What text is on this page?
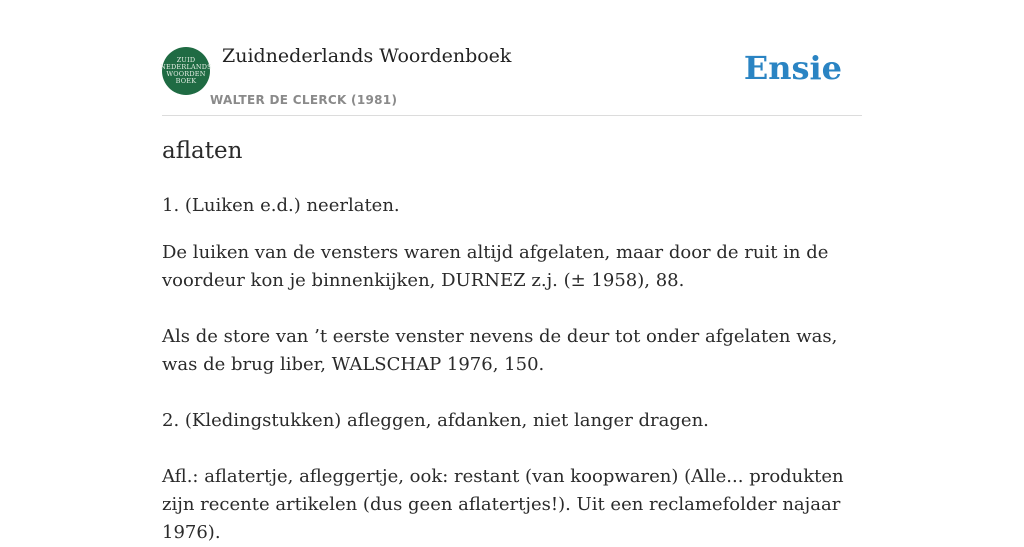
ZUID
NEDERLANDS
WOORDEN
BOEK
Zuidnederlands Woordenboek
WALTER DE CLERCK (1981)
Ensie
aflaten

1. (Luiken e.d.) neerlaten.

De luiken van de vensters waren altijd afgelaten, maar door de ruit in de voordeur kon je binnenkijken, DURNEZ z.j. (± 1958), 88.

Als de store van ’t eerste venster nevens de deur tot onder afgelaten was, was de brug liber, WALSCHAP 1976, 150.

2. (Kledingstukken) afleggen, afdanken, niet langer dragen.

Afl.: aflatertje, afleggertje, ook: restant (van koopwaren) (Alle... produkten zijn recente artikelen (dus geen aflatertjes!). Uit een reclamefolder najaar 1976).
